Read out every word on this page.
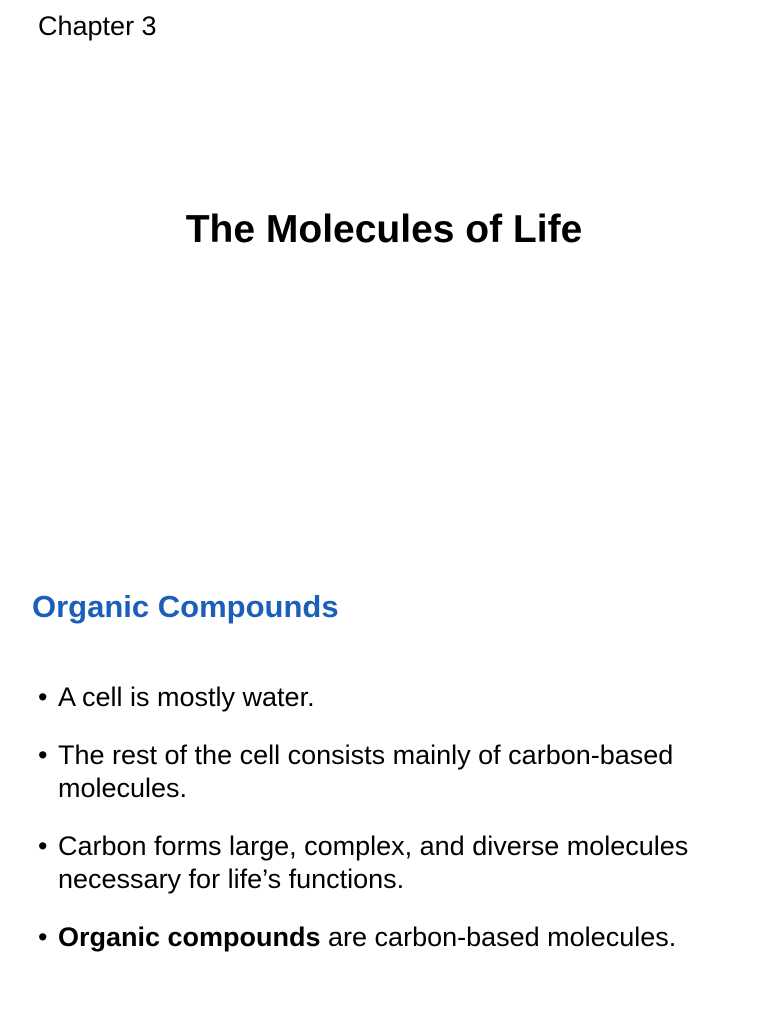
Chapter 3
The Molecules of Life
Organic Compounds
• A cell is mostly water.
• The rest of the cell consists mainly of carbon-based molecules.
• Carbon forms large, complex, and diverse molecules necessary for life’s functions.
• Organic compounds are carbon-based molecules.
